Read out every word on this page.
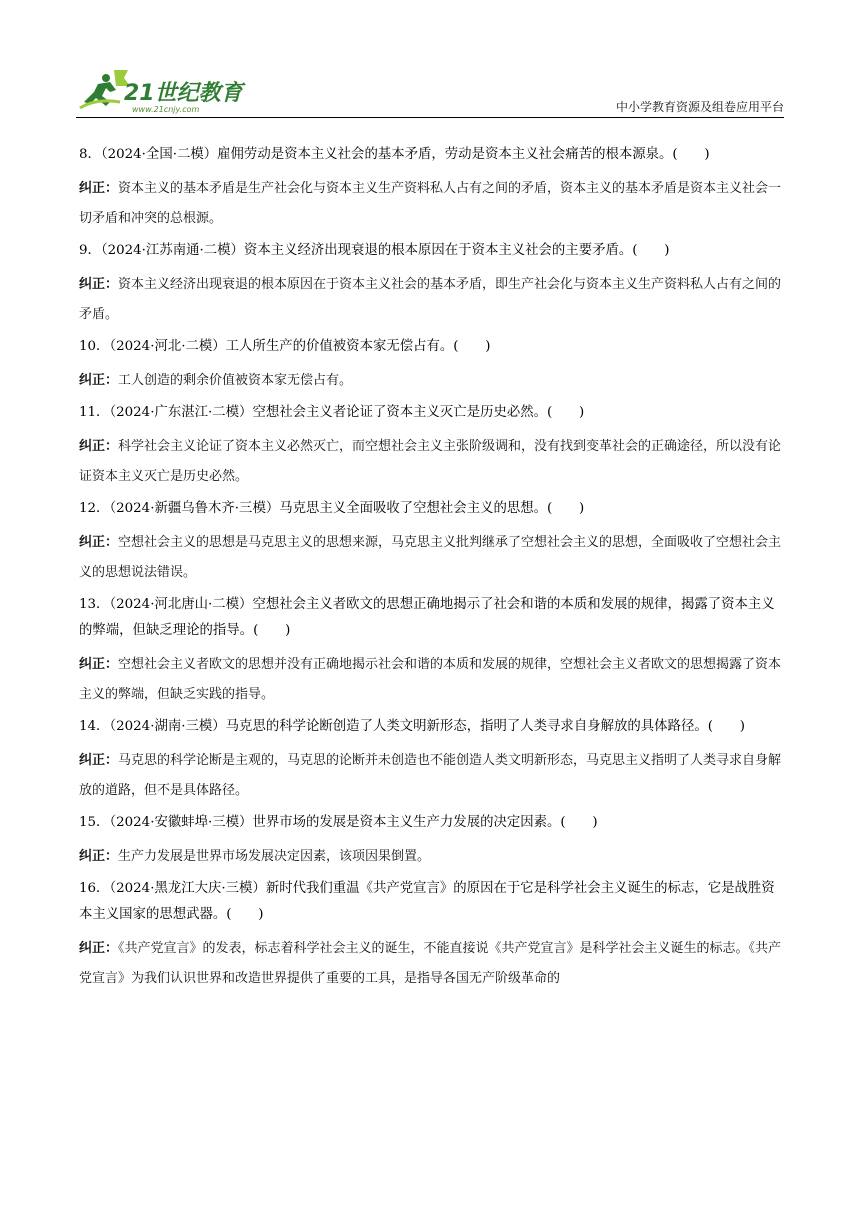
21世纪教育
www.21cnjy.com	中小学教育资源及组卷应用平台

8．（2024·全国·二模）雇佣劳动是资本主义社会的基本矛盾，劳动是资本主义社会痛苦的根本源泉。(　　)

纠正：资本主义的基本矛盾是生产社会化与资本主义生产资料私人占有之间的矛盾，资本主义的基本矛盾是资本主义社会一切矛盾和冲突的总根源。

9．（2024·江苏南通·二模）资本主义经济出现衰退的根本原因在于资本主义社会的主要矛盾。(　　)

纠正：资本主义经济出现衰退的根本原因在于资本主义社会的基本矛盾，即生产社会化与资本主义生产资料私人占有之间的矛盾。

10．（2024·河北·二模）工人所生产的价值被资本家无偿占有。(　　)

纠正：工人创造的剩余价值被资本家无偿占有。

11．（2024·广东湛江·二模）空想社会主义者论证了资本主义灭亡是历史必然。(　　)

纠正：科学社会主义论证了资本主义必然灭亡，而空想社会主义主张阶级调和，没有找到变革社会的正确途径，所以没有论证资本主义灭亡是历史必然。

12．（2024·新疆乌鲁木齐·三模）马克思主义全面吸收了空想社会主义的思想。(　　)

纠正：空想社会主义的思想是马克思主义的思想来源，马克思主义批判继承了空想社会主义的思想，全面吸收了空想社会主义的思想说法错误。

13．（2024·河北唐山·二模）空想社会主义者欧文的思想正确地揭示了社会和谐的本质和发展的规律，揭露了资本主义的弊端，但缺乏理论的指导。(　　)

纠正：空想社会主义者欧文的思想并没有正确地揭示社会和谐的本质和发展的规律，空想社会主义者欧文的思想揭露了资本主义的弊端，但缺乏实践的指导。

14．（2024·湖南·三模）马克思的科学论断创造了人类文明新形态，指明了人类寻求自身解放的具体路径。(　　)

纠正：马克思的科学论断是主观的，马克思的论断并未创造也不能创造人类文明新形态，马克思主义指明了人类寻求自身解放的道路，但不是具体路径。

15．（2024·安徽蚌埠·三模）世界市场的发展是资本主义生产力发展的决定因素。(　　)

纠正：生产力发展是世界市场发展决定因素，该项因果倒置。

16．（2024·黑龙江大庆·三模）新时代我们重温《共产党宣言》的原因在于它是科学社会主义诞生的标志，它是战胜资本主义国家的思想武器。(　　)

纠正：《共产党宣言》的发表，标志着科学社会主义的诞生，不能直接说《共产党宣言》是科学社会主义诞生的标志。《共产党宣言》为我们认识世界和改造世界提供了重要的工具，是指导各国无产阶级革命的
